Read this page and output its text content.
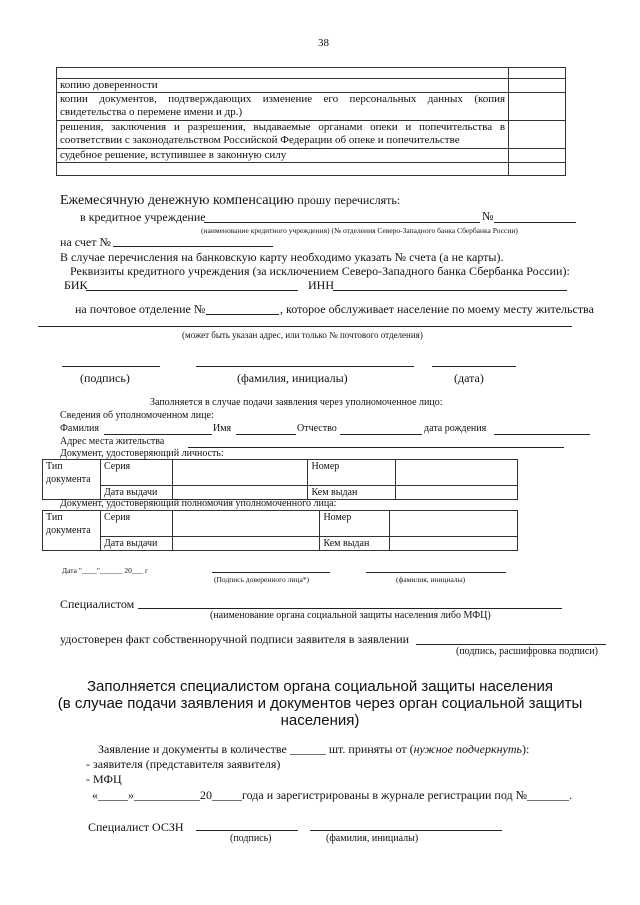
38

копию доверенности	
копии документов, подтверждающих изменение его персональных данных (копия свидетельства о перемене имени и др.)	
решения, заключения и разрешения, выдаваемые органами опеки и попечительства в соответствии с законодательством Российской Федерации об опеке и попечительстве	
судебное решение, вступившее в законную силу	

Ежемесячную денежную компенсацию прошу перечислять:
в кредитное учреждение	№
(наименование кредитного учреждения) (№ отделения Северо-Западного банка Сбербанка России)
на счет №
В случае перечисления на банковскую карту необходимо указать № счета (а не карты).
Реквизиты кредитного учреждения (за исключением Северо-Западного банка Сбербанка России):
БИК	ИНН
на почтовое отделение №	, которое обслуживает население по моему месту жительства
(может быть указан адрес, или только № почтового отделения)
(подпись)	(фамилия, инициалы)	(дата)
Заполняется в случае подачи заявления через уполномоченное лицо:
Сведения об уполномоченном лице:
Фамилия	Имя	Отчество	дата рождения
Адрес места жительства
Документ, удостоверяющий личность:
Тип документа	Серия		Номер	
	Дата выдачи		Кем выдан	
Документ, удостоверяющий полномочия уполномоченного лица:
Тип документа	Серия		Номер	
	Дата выдачи		Кем выдан	
Дата "____"______ 20___ г
(Подпись доверенного лица*)	(фамилия, инициалы)
Специалистом
(наименование органа социальной защиты населения либо МФЦ)
удостоверен факт собственноручной подписи заявителя в заявлении
(подпись, расшифровка подписи)
Заполняется специалистом органа социальной защиты населения
(в случае подачи заявления и документов через орган социальной защиты
населения)
Заявление и документы в количестве ______ шт. приняты от (нужное подчеркнуть):
- заявителя (представителя заявителя)
- МФЦ
«_____»___________20_____года и зарегистрированы в журнале регистрации под №_______.
Специалист ОСЗН
(подпись)	(фамилия, инициалы)
